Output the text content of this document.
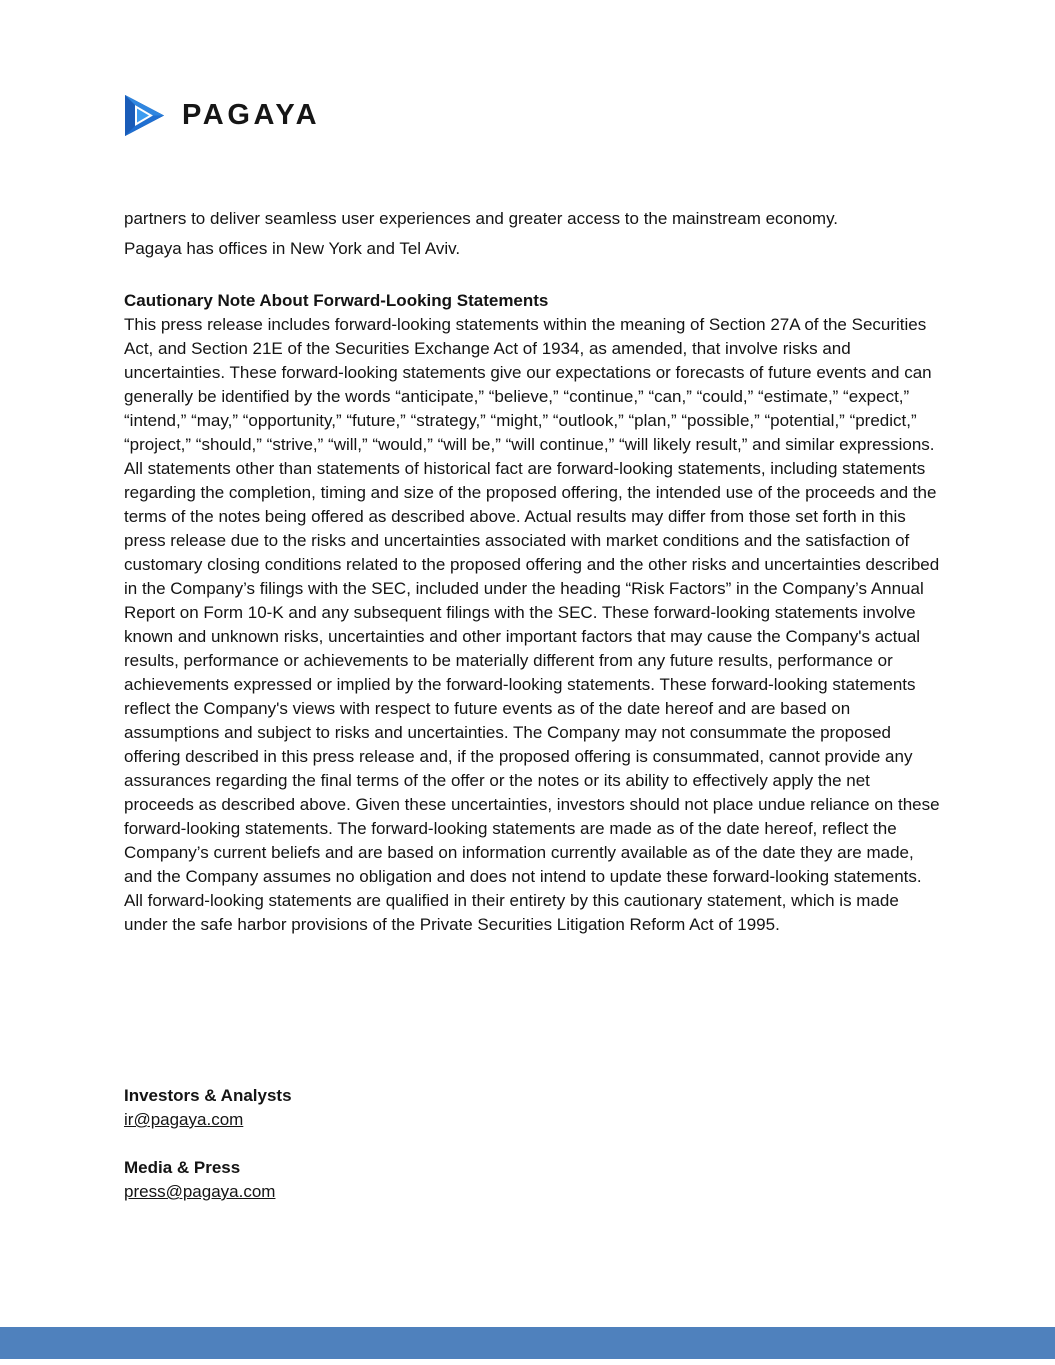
PAGAYA

partners to deliver seamless user experiences and greater access to the mainstream economy.

Pagaya has offices in New York and Tel Aviv.

Cautionary Note About Forward-Looking Statements

This press release includes forward-looking statements within the meaning of Section 27A of the Securities Act, and Section 21E of the Securities Exchange Act of 1934, as amended, that involve risks and uncertainties. These forward-looking statements give our expectations or forecasts of future events and can generally be identified by the words “anticipate,” “believe,” “continue,” “can,” “could,” “estimate,” “expect,” “intend,” “may,” “opportunity,” “future,” “strategy,” “might,” “outlook,” “plan,” “possible,” “potential,” “predict,” “project,” “should,” “strive,” “will,” “would,” “will be,” “will continue,” “will likely result,” and similar expressions. All statements other than statements of historical fact are forward-looking statements, including statements regarding the completion, timing and size of the proposed offering, the intended use of the proceeds and the terms of the notes being offered as described above. Actual results may differ from those set forth in this press release due to the risks and uncertainties associated with market conditions and the satisfaction of customary closing conditions related to the proposed offering and the other risks and uncertainties described in the Company’s filings with the SEC, included under the heading “Risk Factors” in the Company’s Annual Report on Form 10-K and any subsequent filings with the SEC. These forward-looking statements involve known and unknown risks, uncertainties and other important factors that may cause the Company's actual results, performance or achievements to be materially different from any future results, performance or achievements expressed or implied by the forward-looking statements. These forward-looking statements reflect the Company's views with respect to future events as of the date hereof and are based on assumptions and subject to risks and uncertainties. The Company may not consummate the proposed offering described in this press release and, if the proposed offering is consummated, cannot provide any assurances regarding the final terms of the offer or the notes or its ability to effectively apply the net proceeds as described above. Given these uncertainties, investors should not place undue reliance on these forward-looking statements. The forward-looking statements are made as of the date hereof, reflect the Company’s current beliefs and are based on information currently available as of the date they are made, and the Company assumes no obligation and does not intend to update these forward-looking statements. All forward-looking statements are qualified in their entirety by this cautionary statement, which is made under the safe harbor provisions of the Private Securities Litigation Reform Act of 1995.

Investors & Analysts

ir@pagaya.com

Media & Press

press@pagaya.com
